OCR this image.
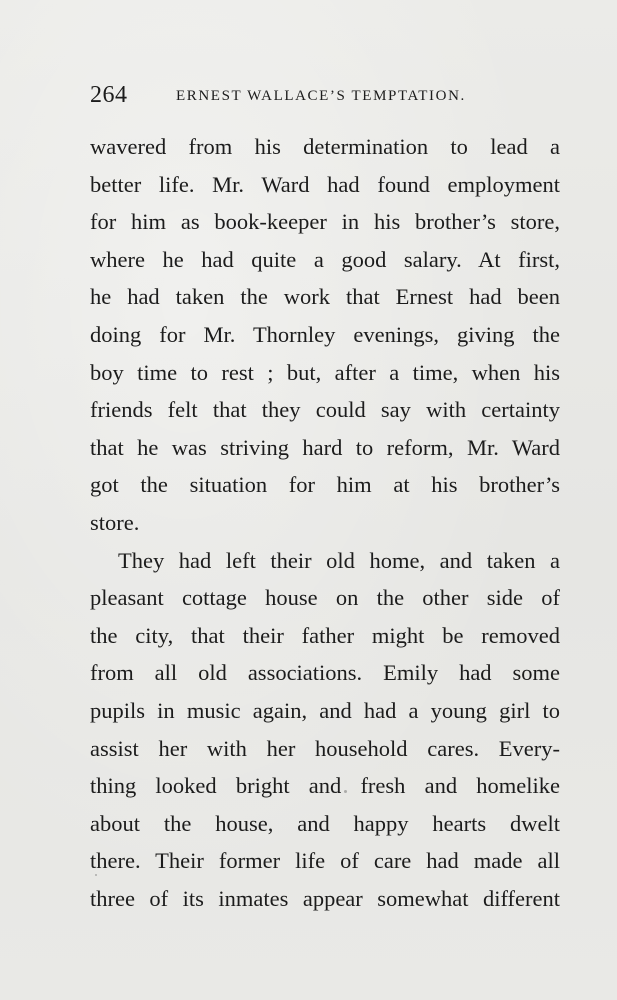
264	ERNEST WALLACE’S TEMPTATION.
wavered from his determination to lead a
better life. Mr. Ward had found employment
for him as book-keeper in his brother’s store,
where he had quite a good salary. At first,
he had taken the work that Ernest had been
doing for Mr. Thornley evenings, giving the
boy time to rest ; but, after a time, when his
friends felt that they could say with certainty
that he was striving hard to reform, Mr. Ward
got the situation for him at his brother’s
store.
They had left their old home, and taken a
pleasant cottage house on the other side of
the city, that their father might be removed
from all old associations. Emily had some
pupils in music again, and had a young girl to
assist her with her household cares. Every-
thing looked bright and fresh and homelike
about the house, and happy hearts dwelt
there. Their former life of care had made all
three of its inmates appear somewhat different
